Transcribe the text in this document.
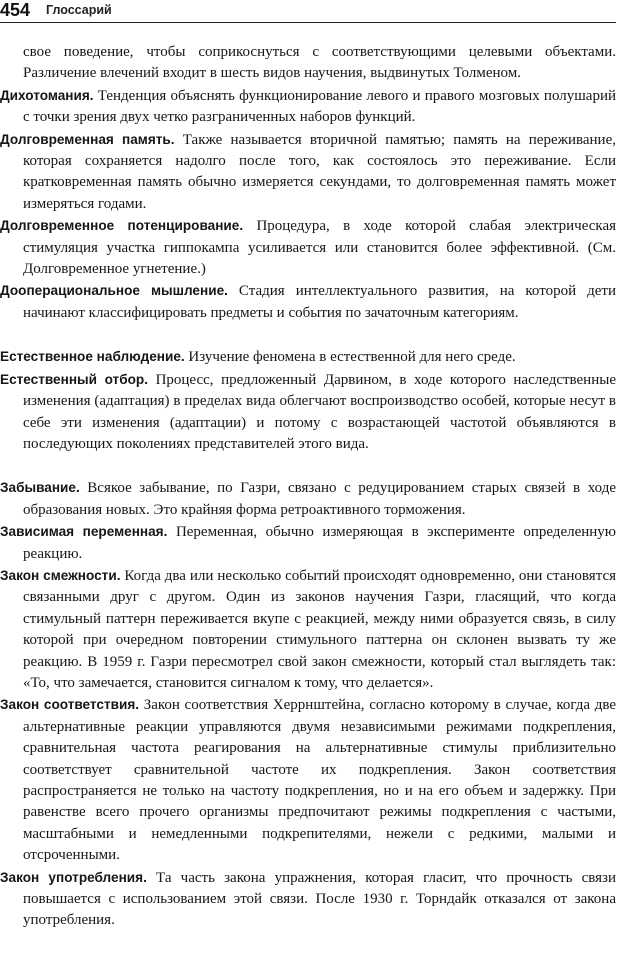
454 Глоссарий

свое поведение, чтобы соприкоснуться с соответствующими целевыми объектами. Различение влечений входит в шесть видов научения, выдвинутых Толменом.

Дихотомания. Тенденция объяснять функционирование левого и правого мозговых полушарий с точки зрения двух четко разграниченных наборов функций.

Долговременная память. Также называется вторичной памятью; память на переживание, которая сохраняется надолго после того, как состоялось это переживание. Если кратковременная память обычно измеряется секундами, то долговременная память может измеряться годами.

Долговременное потенцирование. Процедура, в ходе которой слабая электрическая стимуляция участка гиппокампа усиливается или становится более эффективной. (См. Долговременное угнетение.)

Дооперациональное мышление. Стадия интеллектуального развития, на которой дети начинают классифицировать предметы и события по зачаточным категориям.

Естественное наблюдение. Изучение феномена в естественной для него среде.

Естественный отбор. Процесс, предложенный Дарвином, в ходе которого наследственные изменения (адаптация) в пределах вида облегчают воспроизводство особей, которые несут в себе эти изменения (адаптации) и потому с возрастающей частотой объявляются в последующих поколениях представителей этого вида.

Забывание. Всякое забывание, по Газри, связано с редуцированием старых связей в ходе образования новых. Это крайняя форма ретроактивного торможения.

Зависимая переменная. Переменная, обычно измеряющая в эксперименте определенную реакцию.

Закон смежности. Когда два или несколько событий происходят одновременно, они становятся связанными друг с другом. Один из законов научения Газри, гласящий, что когда стимульный паттерн переживается вкупе с реакцией, между ними образуется связь, в силу которой при очередном повторении стимульного паттерна он склонен вызвать ту же реакцию. В 1959 г. Газри пересмотрел свой закон смежности, который стал выглядеть так: «То, что замечается, становится сигналом к тому, что делается».

Закон соответствия. Закон соответствия Херрнштейна, согласно которому в случае, когда две альтернативные реакции управляются двумя независимыми режимами подкрепления, сравнительная частота реагирования на альтернативные стимулы приблизительно соответствует сравнительной частоте их подкрепления. Закон соответствия распространяется не только на частоту подкрепления, но и на его объем и задержку. При равенстве всего прочего организмы предпочитают режимы подкрепления с частыми, масштабными и немедленными подкрепителями, нежели с редкими, малыми и отсроченными.

Закон употребления. Та часть закона упражнения, которая гласит, что прочность связи повышается с использованием этой связи. После 1930 г. Торндайк отказался от закона употребления.
